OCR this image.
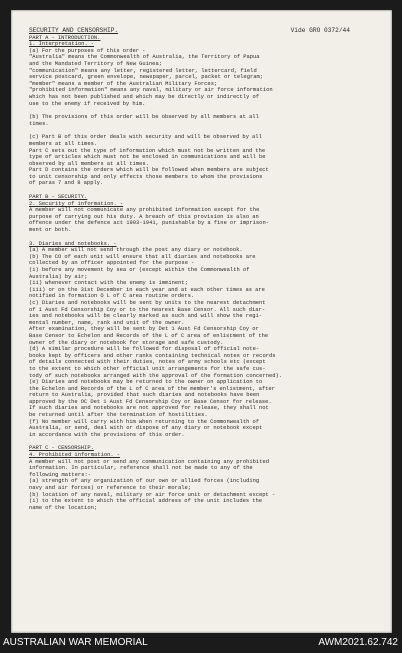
SECURITY AND CENSORSHIP.	Vide GRO 0372/44

PART A - INTRODUCTION.

1. Interpretation. -

(a) For the purposes of this order -

"Australia" means the Commonwealth of Australia, the Territory of Papua

and the Mandated Territory of New Guinea;

"communication" means any letter, registered letter, lettercard, field

service postcard, green envelope, newspaper, parcel, packet or telegram;

"member" means a member of the Australian Military Forces;

"prohibited information" means any naval, military or air force information

which has not been published and which may be directly or indirectly of

use to the enemy if received by him.

(b) The provisions of this order will be observed by all members at all

times.

(c) Part B of this order deals with security and will be observed by all

members at all times.

Part C sets out the type of information which must not be written and the

type of articles which must not be enclosed in communications and will be

observed by all members at all times.

Part D contains the orders which will be followed when members are subject

to unit censorship and only effects those members to whom the provisions

of paras 7 and 8 apply.

PART B - SECURITY.

2. Security of information. -

A member will not communicate any prohibited information except for the

purpose of carrying out his duty. A breach of this provision is also an

offence under the defence act 1903-1941, punishable by a fine or imprison-

ment or both.

3. Diaries and notebooks. -

(a) A member will not send through the post any diary or notebook.

(b) The CO of each unit will ensure that all diaries and notebooks are

collected by an officer appointed for the purpose -

(i) before any movement by sea or (except within the Commonwealth of

Australia) by air;

(ii) whenever contact with the enemy is imminent;

(iii) or on the 31st December in each year and at each other times as are

notified in formation O L of C area routine orders.

(c) Diaries and notebooks will be sent by units to the nearest detachment

of 1 Aust Fd Censorship Coy or to the nearest Base Censor. All such diar-

ies and notebooks will be clearly marked as such and will show the regi-

mental number, name, rank and unit of the owner.

After examination, they will be sent by Det 1 Aust Fd Censorship Coy or

Base Censor to Echelon and Records of the L of C area of enlistment of the

owner of the diary or notebook for storage and safe custody.

(d) A similar procedure will be followed for disposal of official note-

books kept by officers and other ranks containing technical notes or records

of details connected with their duties, notes of army schools etc (except

to the extent to which other official unit arrangements for the safe cus-

tody of such notebooks arranged with the approval of the formation concerned).

(e) Diaries and notebooks may be returned to the owner on application to

the Echelon and Records of the L of C area of the member's enlistment, after

return to Australia, provided that such diaries and notebooks have been

approved by the OC Det 1 Aust Fd Censorship Coy or Base Censor for release.

If such diaries and notebooks are not approved for release, they shall not

be returned until after the termination of hostilities.

(f) No member will carry with him when returning to the Commonwealth of

Australia, or send, deal with or dispose of any diary or notebook except

in accordance with the provisions of this order.

PART C - CENSORSHIP.

4. Prohibited information. -

A member will not post or send any communication containing any prohibited

information. In particular, reference shall not be made to any of the

following matters:-

(a) strength of any organization of our own or allied forces (including

navy and air forces) or reference to their morale;

(b) location of any naval, military or air force unit or detachment except -

(i) to the extent to which the official address of the unit includes the

name of the location;

AUSTRALIAN WAR MEMORIAL	AWM2021.62.742
